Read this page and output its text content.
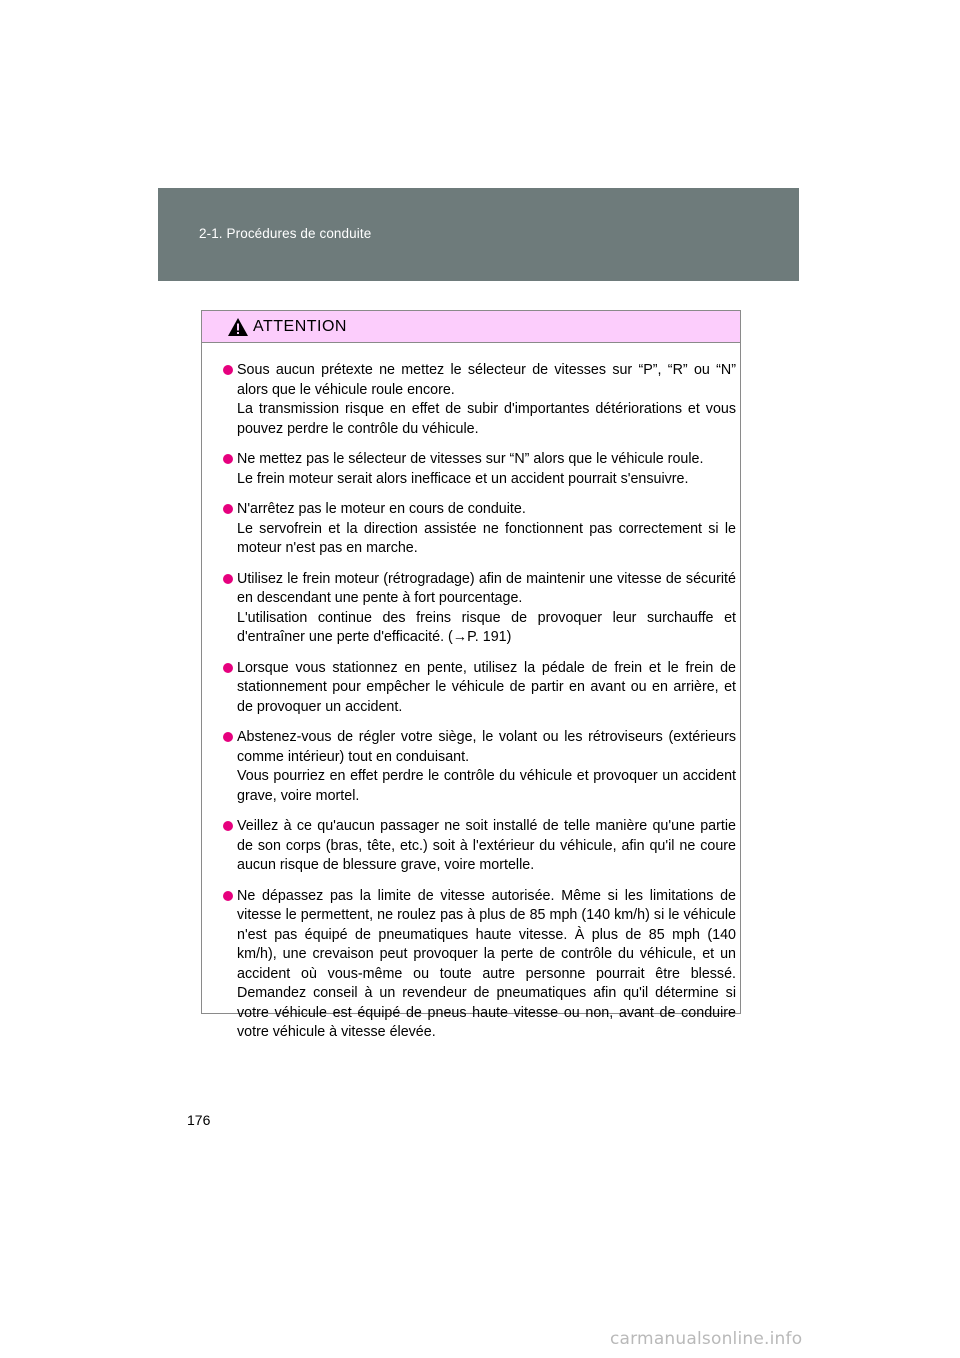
2-1. Procédures de conduite
ATTENTION

Sous aucun prétexte ne mettez le sélecteur de vitesses sur “P”, “R” ou “N” alors que le véhicule roule encore.

La transmission risque en effet de subir d'importantes détériorations et vous pouvez perdre le contrôle du véhicule.

Ne mettez pas le sélecteur de vitesses sur “N” alors que le véhicule roule.

Le frein moteur serait alors inefficace et un accident pourrait s'ensuivre.

N'arrêtez pas le moteur en cours de conduite.

Le servofrein et la direction assistée ne fonctionnent pas correctement si le moteur n'est pas en marche.

Utilisez le frein moteur (rétrogradage) afin de maintenir une vitesse de sécurité en descendant une pente à fort pourcentage.

L'utilisation continue des freins risque de provoquer leur surchauffe et d'entraîner une perte d'efficacité. (→P. 191)

Lorsque vous stationnez en pente, utilisez la pédale de frein et le frein de stationnement pour empêcher le véhicule de partir en avant ou en arrière, et de provoquer un accident.

Abstenez-vous de régler votre siège, le volant ou les rétroviseurs (extérieurs comme intérieur) tout en conduisant.

Vous pourriez en effet perdre le contrôle du véhicule et provoquer un accident grave, voire mortel.

Veillez à ce qu'aucun passager ne soit installé de telle manière qu'une partie de son corps (bras, tête, etc.) soit à l'extérieur du véhicule, afin qu'il ne coure aucun risque de blessure grave, voire mortelle.

Ne dépassez pas la limite de vitesse autorisée. Même si les limitations de vitesse le permettent, ne roulez pas à plus de 85 mph (140 km/h) si le véhicule n'est pas équipé de pneumatiques haute vitesse. À plus de 85 mph (140 km/h), une crevaison peut provoquer la perte de contrôle du véhicule, et un accident où vous-même ou toute autre personne pourrait être blessé. Demandez conseil à un revendeur de pneumatiques afin qu'il détermine si votre véhicule est équipé de pneus haute vitesse ou non, avant de conduire votre véhicule à vitesse élevée.

176
carmanualsonline.info
